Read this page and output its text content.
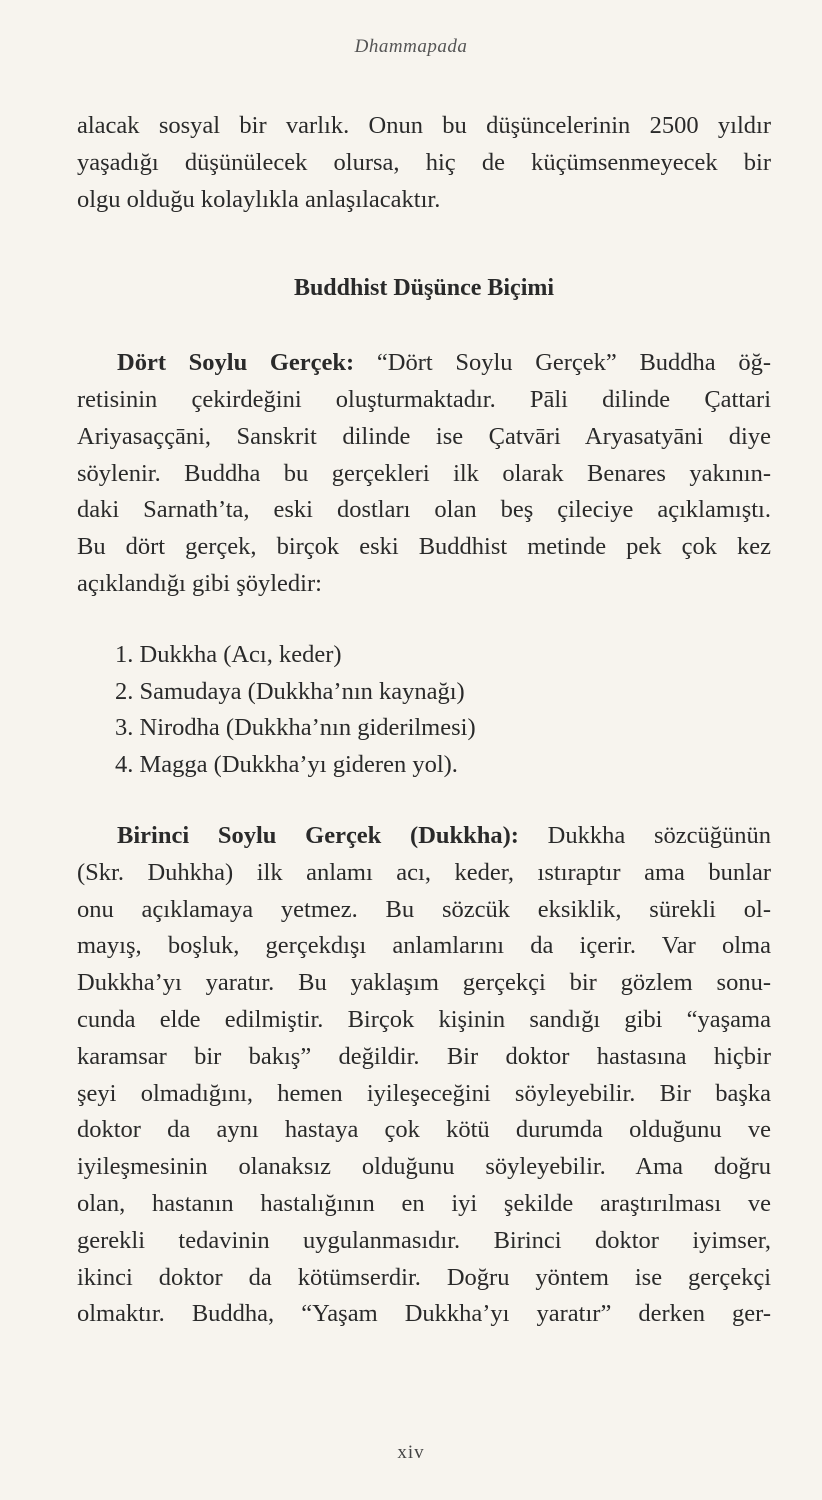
Dhammapada
alacak sosyal bir varlık. Onun bu düşüncelerinin 2500 yıldır
yaşadığı düşünülecek olursa, hiç de küçümsenmeyecek bir
olgu olduğu kolaylıkla anlaşılacaktır.
Buddhist Düşünce Biçimi
Dört Soylu Gerçek: “Dört Soylu Gerçek” Buddha öğ-
retisinin çekirdeğini oluşturmaktadır. Pāli dilinde Çattari
Ariyasaççāni, Sanskrit dilinde ise Çatvāri Aryasatyāni diye
söylenir. Buddha bu gerçekleri ilk olarak Benares yakının-
daki Sarnath’ta, eski dostları olan beş çileciye açıklamıştı.
Bu dört gerçek, birçok eski Buddhist metinde pek çok kez
açıklandığı gibi şöyledir:
1. Dukkha (Acı, keder)
2. Samudaya (Dukkha’nın kaynağı)
3. Nirodha (Dukkha’nın giderilmesi)
4. Magga (Dukkha’yı gideren yol).
Birinci Soylu Gerçek (Dukkha): Dukkha sözcüğünün
(Skr. Duhkha) ilk anlamı acı, keder, ıstıraptır ama bunlar
onu açıklamaya yetmez. Bu sözcük eksiklik, sürekli ol-
mayış, boşluk, gerçekdışı anlamlarını da içerir. Var olma
Dukkha’yı yaratır. Bu yaklaşım gerçekçi bir gözlem sonu-
cunda elde edilmiştir. Birçok kişinin sandığı gibi “yaşama
karamsar bir bakış” değildir. Bir doktor hastasına hiçbir
şeyi olmadığını, hemen iyileşeceğini söyleyebilir. Bir başka
doktor da aynı hastaya çok kötü durumda olduğunu ve
iyileşmesinin olanaksız olduğunu söyleyebilir. Ama doğru
olan, hastanın hastalığının en iyi şekilde araştırılması ve
gerekli tedavinin uygulanmasıdır. Birinci doktor iyimser,
ikinci doktor da kötümserdir. Doğru yöntem ise gerçekçi
olmaktır. Buddha, “Yaşam Dukkha’yı yaratır” derken ger-
xiv
